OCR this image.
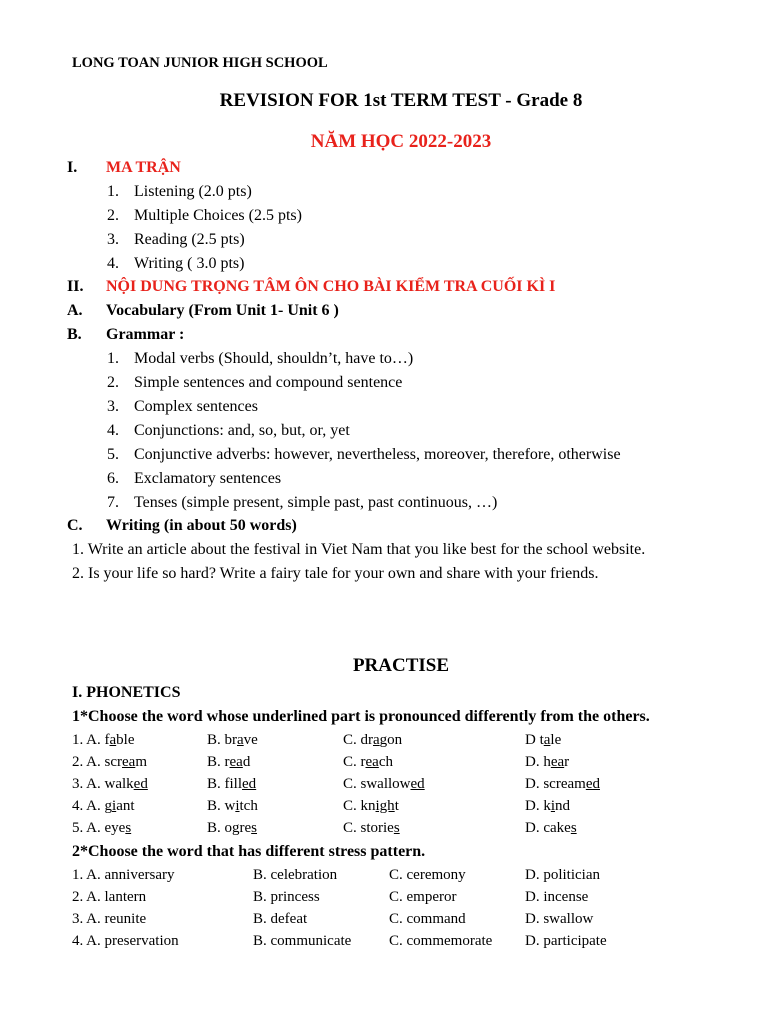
LONG TOAN JUNIOR HIGH SCHOOL
REVISION FOR 1st TERM TEST - Grade 8
NĂM HỌC 2022-2023
I. MA TRẬN
1. Listening (2.0 pts)
2. Multiple Choices (2.5 pts)
3. Reading (2.5 pts)
4. Writing ( 3.0 pts)
II. NỘI DUNG TRỌNG TÂM ÔN CHO BÀI KIỂM TRA CUỐI KÌ I
A. Vocabulary (From Unit 1- Unit 6 )
B. Grammar :
1. Modal verbs (Should, shouldn’t, have to…)
2. Simple sentences and compound sentence
3. Complex sentences
4. Conjunctions: and, so, but, or, yet
5. Conjunctive adverbs: however, nevertheless, moreover, therefore, otherwise
6. Exclamatory sentences
7. Tenses (simple present, simple past, past continuous, …)
C. Writing (in about 50 words)
1. Write an article about the festival in Viet Nam that you like best for the school website.
2. Is your life so hard? Write a fairy tale for your own and share with your friends.
PRACTISE
I. PHONETICS
1*Choose the word whose underlined part is pronounced differently from the others.
1. A. fable	B. brave	C. dragon	D tale
2. A. scream	B. read	C. reach	D. hear
3. A. walked	B. filled	C. swallowed	D. screamed
4. A. giant	B. witch	C. knight	D. kind
5. A. eyes	B. ogres	C. stories	D. cakes
2*Choose the word that has different stress pattern.
1. A. anniversary	B. celebration	C. ceremony	D. politician
2. A. lantern	B. princess	C. emperor	D. incense
3. A. reunite	B. defeat	C. command	D. swallow
4. A. preservation	B. communicate	C. commemorate D. participate
